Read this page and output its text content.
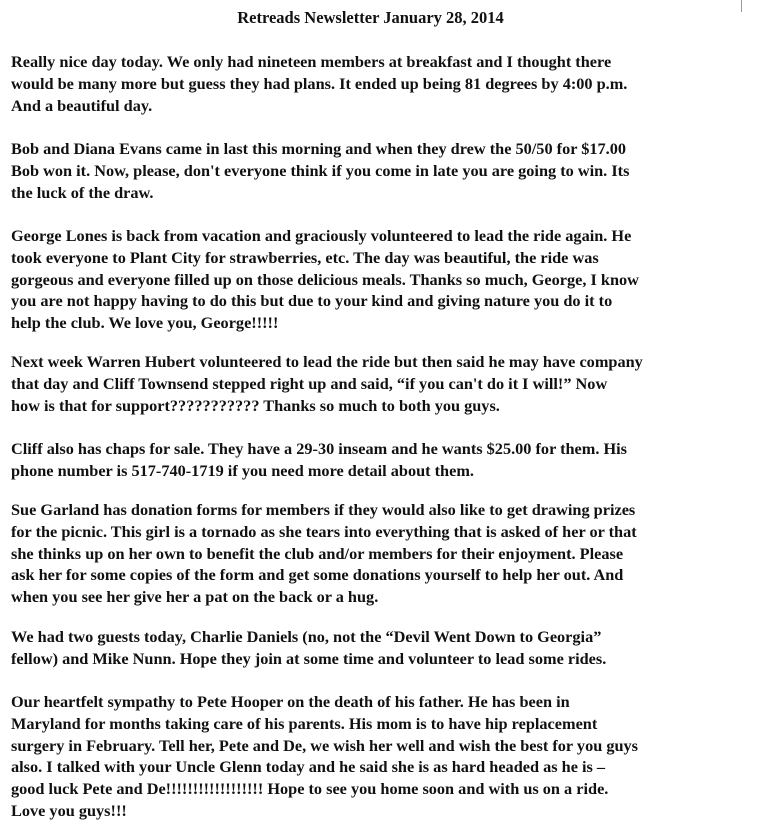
Retreads Newsletter January 28, 2014

Really nice day today. We only had nineteen members at breakfast and I thought there
would be many more but guess they had plans. It ended up being 81 degrees by 4:00 p.m.
And a beautiful day.

Bob and Diana Evans came in last this morning and when they drew the 50/50 for $17.00
Bob won it. Now, please, don't everyone think if you come in late you are going to win. Its
the luck of the draw.

George Lones is back from vacation and graciously volunteered to lead the ride again. He
took everyone to Plant City for strawberries, etc. The day was beautiful, the ride was
gorgeous and everyone filled up on those delicious meals. Thanks so much, George, I know
you are not happy having to do this but due to your kind and giving nature you do it to
help the club. We love you, George!!!!!

Next week Warren Hubert volunteered to lead the ride but then said he may have company
that day and Cliff Townsend stepped right up and said, “if you can't do it I will!” Now
how is that for support??????????? Thanks so much to both you guys.

Cliff also has chaps for sale. They have a 29-30 inseam and he wants $25.00 for them. His
phone number is 517-740-1719 if you need more detail about them.

Sue Garland has donation forms for members if they would also like to get drawing prizes
for the picnic. This girl is a tornado as she tears into everything that is asked of her or that
she thinks up on her own to benefit the club and/or members for their enjoyment. Please
ask her for some copies of the form and get some donations yourself to help her out. And
when you see her give her a pat on the back or a hug.

We had two guests today, Charlie Daniels (no, not the “Devil Went Down to Georgia”
fellow) and Mike Nunn. Hope they join at some time and volunteer to lead some rides.

Our heartfelt sympathy to Pete Hooper on the death of his father. He has been in
Maryland for months taking care of his parents. His mom is to have hip replacement
surgery in February. Tell her, Pete and De, we wish her well and wish the best for you guys
also. I talked with your Uncle Glenn today and he said she is as hard headed as he is –
good luck Pete and De!!!!!!!!!!!!!!!!!! Hope to see you home soon and with us on a ride.
Love you guys!!!
